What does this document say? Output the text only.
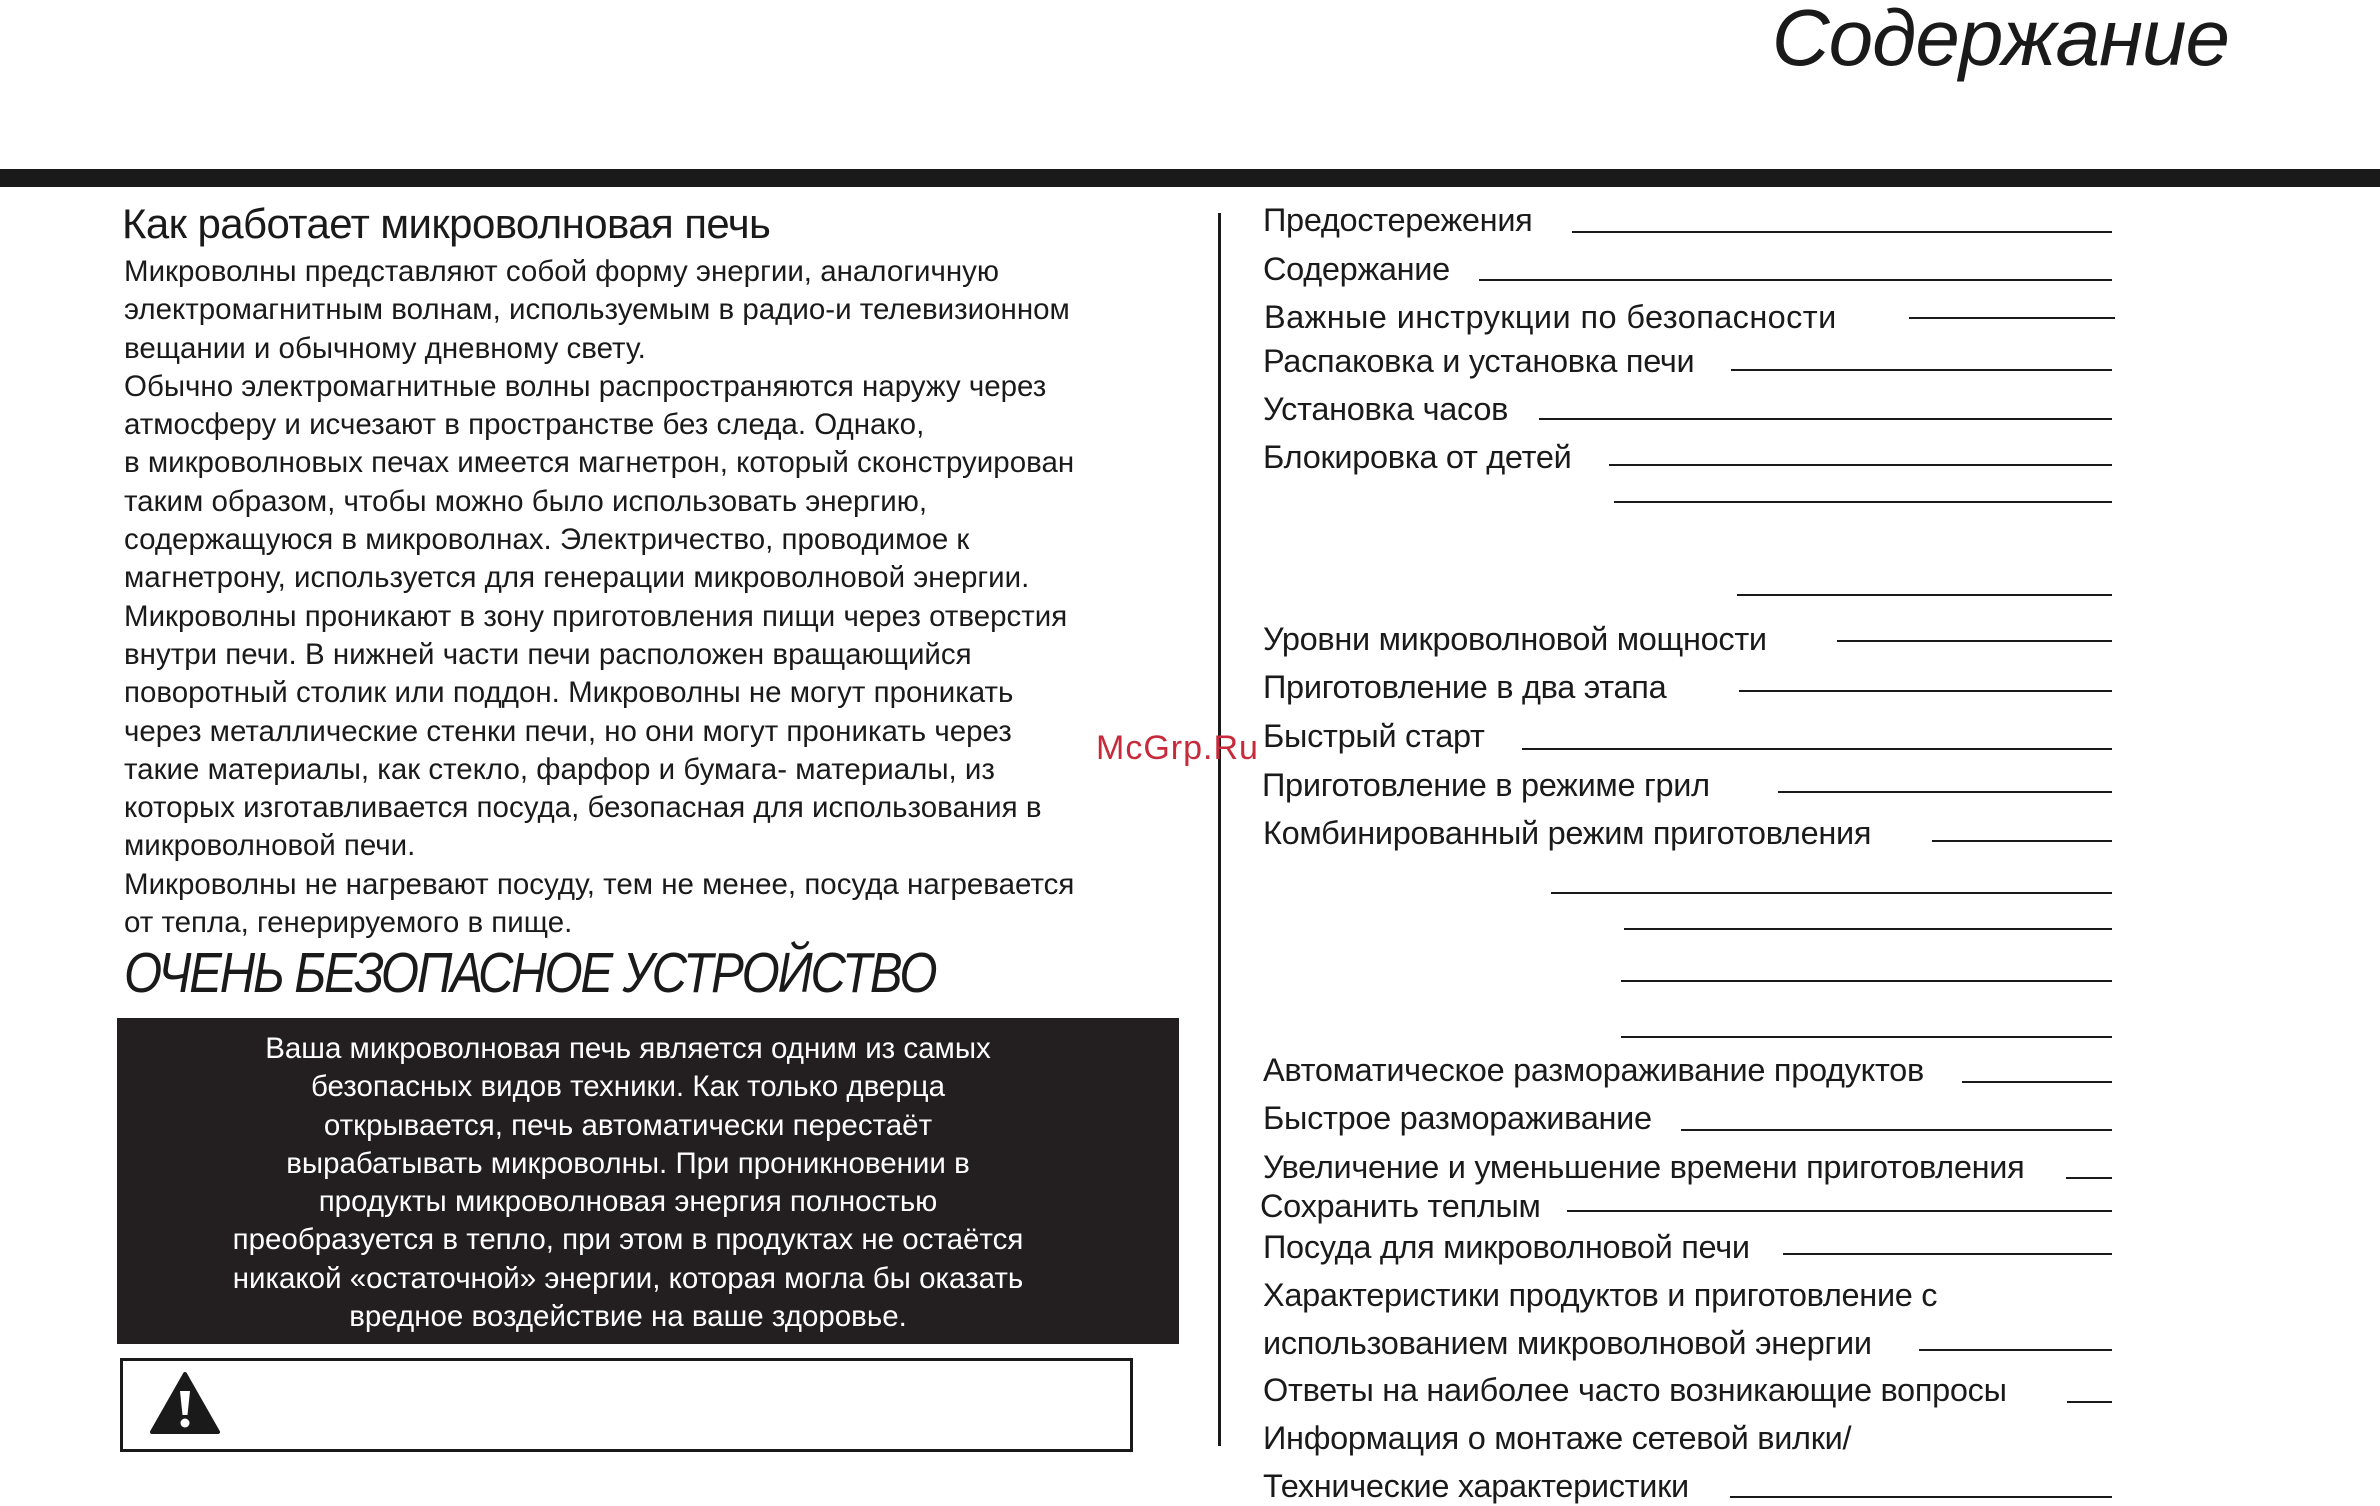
Содержание
Как работает микроволновая печь

Микроволны представляют собой форму энергии, аналогичную
электромагнитным волнам, используемым в радио-и телевизионном
вещании и обычному дневному свету.
Обычно электромагнитные волны распространяются наружу через
атмосферу и исчезают в пространстве без следа. Однако,
в микроволновых печах имеется магнетрон, который сконструирован
таким образом, чтобы можно было использовать энергию,
содержащуюся в микроволнах. Электричество, проводимое к
магнетрону, используется для генерации микроволновой энергии.
Микроволны проникают в зону приготовления пищи через отверстия
внутри печи. В нижней части печи расположен вращающийся
поворотный столик или поддон. Микроволны не могут проникать
через металлические стенки печи, но они могут проникать через
такие материалы, как стекло, фарфор и бумага- материалы, из
которых изготавливается посуда, безопасная для использования в
микроволновой печи.
Микроволны не нагревают посуду, тем не менее, посуда нагревается
от тепла, генерируемого в пище.

ОЧЕНЬ БЕЗОПАСНОЕ УСТРОЙСТВО
Ваша микроволновая печь является одним из самых
безопасных видов техники. Как только дверца
открывается, печь автоматически перестаёт
вырабатывать микроволны. При проникновении в
продукты микроволновая энергия полностью
преобразуется в тепло, при этом в продуктах не остаётся
никакой «остаточной» энергии, которая могла бы оказать
вредное воздействие на ваше здоровье.
Предостережения
Содержание
Важные инструкции по безопасности
Распаковка и установка печи
Установка часов
Блокировка от детей
Уровни микроволновой мощности
Приготовление в два этапа
Быстрый старт
Приготовление в режиме грил
Комбинированный режим приготовления
Автоматическое размораживание продуктов
Быстрое размораживание
Увеличение и уменьшение времени приготовления
Сохранить теплым
Посуда для микроволновой печи
Характеристики продуктов и приготовление с
использованием микроволновой энергии
Ответы на наиболее часто возникающие вопросы
Информация о монтаже сетевой вилки/
Технические характеристики
McGrp.Ru
